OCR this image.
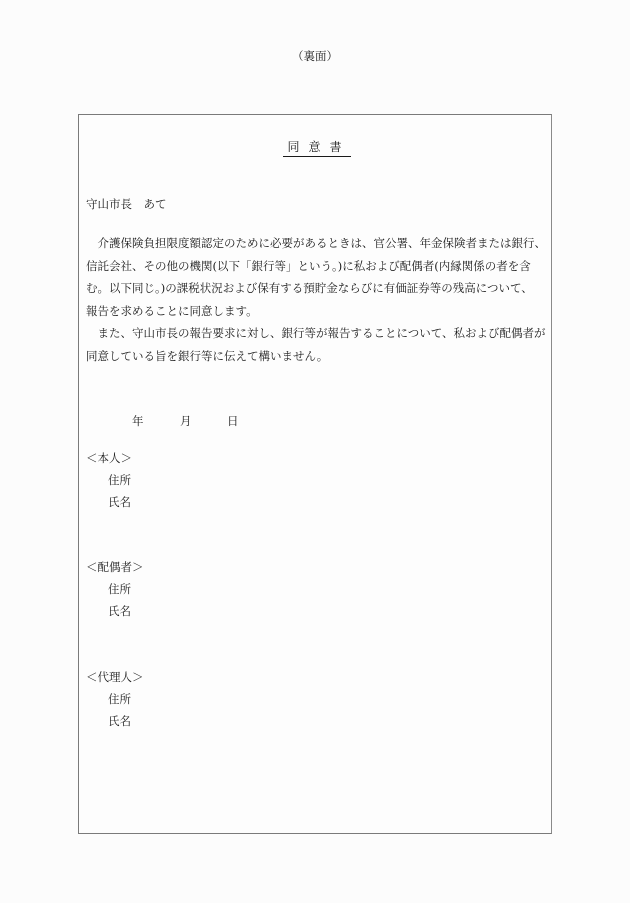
（裏面）
同意書
守山市長　あて
　介護保険負担限度額認定のために必要があるときは、官公署、年金保険者または銀行、
信託会社、その他の機関(以下「銀行等」という。)に私および配偶者(内縁関係の者を含
む。以下同じ。)の課税状況および保有する預貯金ならびに有価証券等の残高について、
報告を求めることに同意します。
　また、守山市長の報告要求に対し、銀行等が報告することについて、私および配偶者が
同意している旨を銀行等に伝えて構いません。
年	月	日
＜本人＞
住所
氏名
＜配偶者＞
住所
氏名
＜代理人＞
住所
氏名
